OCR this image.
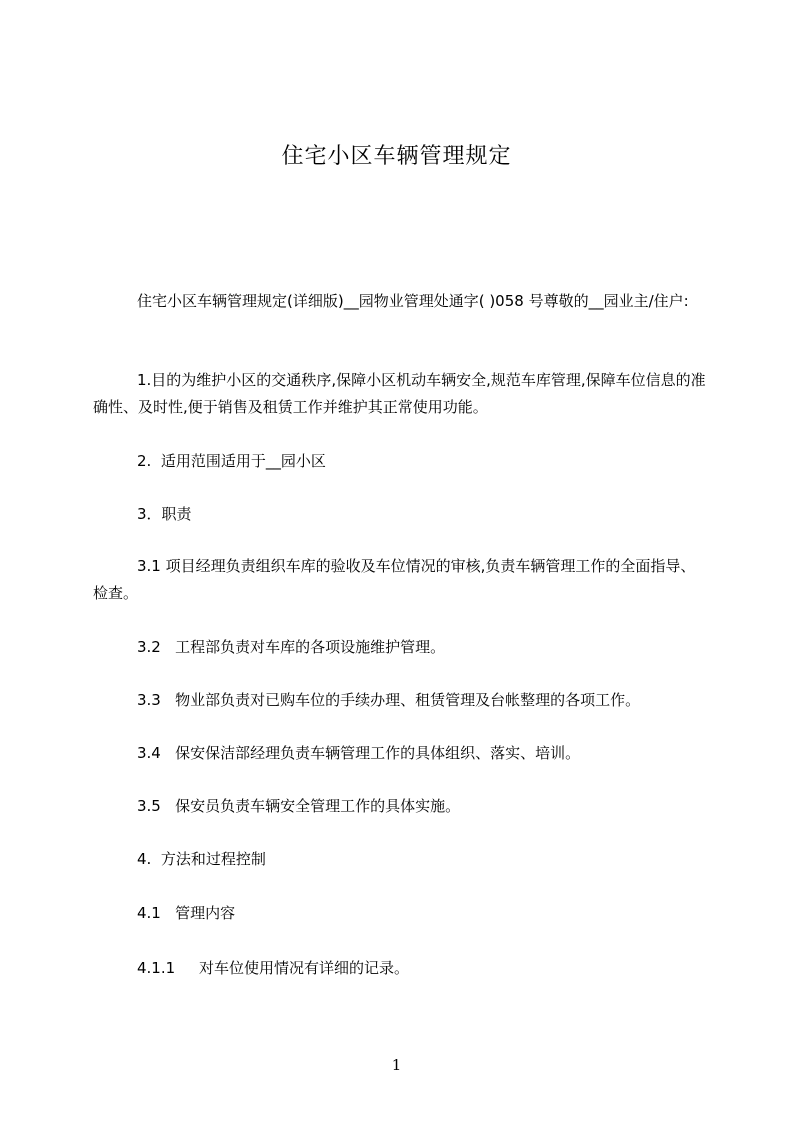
住宅小区车辆管理规定

住宅小区车辆管理规定(详细版)__园物业管理处通字( )058 号尊敬的__园业主/住户:

1.目的为维护小区的交通秩序,保障小区机动车辆安全,规范车库管理,保障车位信息的准确性、及时性,便于销售及租赁工作并维护其正常使用功能。

2.  适用范围适用于__园小区

3．职责

3.1 项目经理负责组织车库的验收及车位情况的审核,负责车辆管理工作的全面指导、检查。

3.2   工程部负责对车库的各项设施维护管理。

3.3   物业部负责对已购车位的手续办理、租赁管理及台帐整理的各项工作。

3.4   保安保洁部经理负责车辆管理工作的具体组织、落实、培训。

3.5   保安员负责车辆安全管理工作的具体实施。

4.  方法和过程控制

4.1   管理内容

4.1.1     对车位使用情况有详细的记录。

1
